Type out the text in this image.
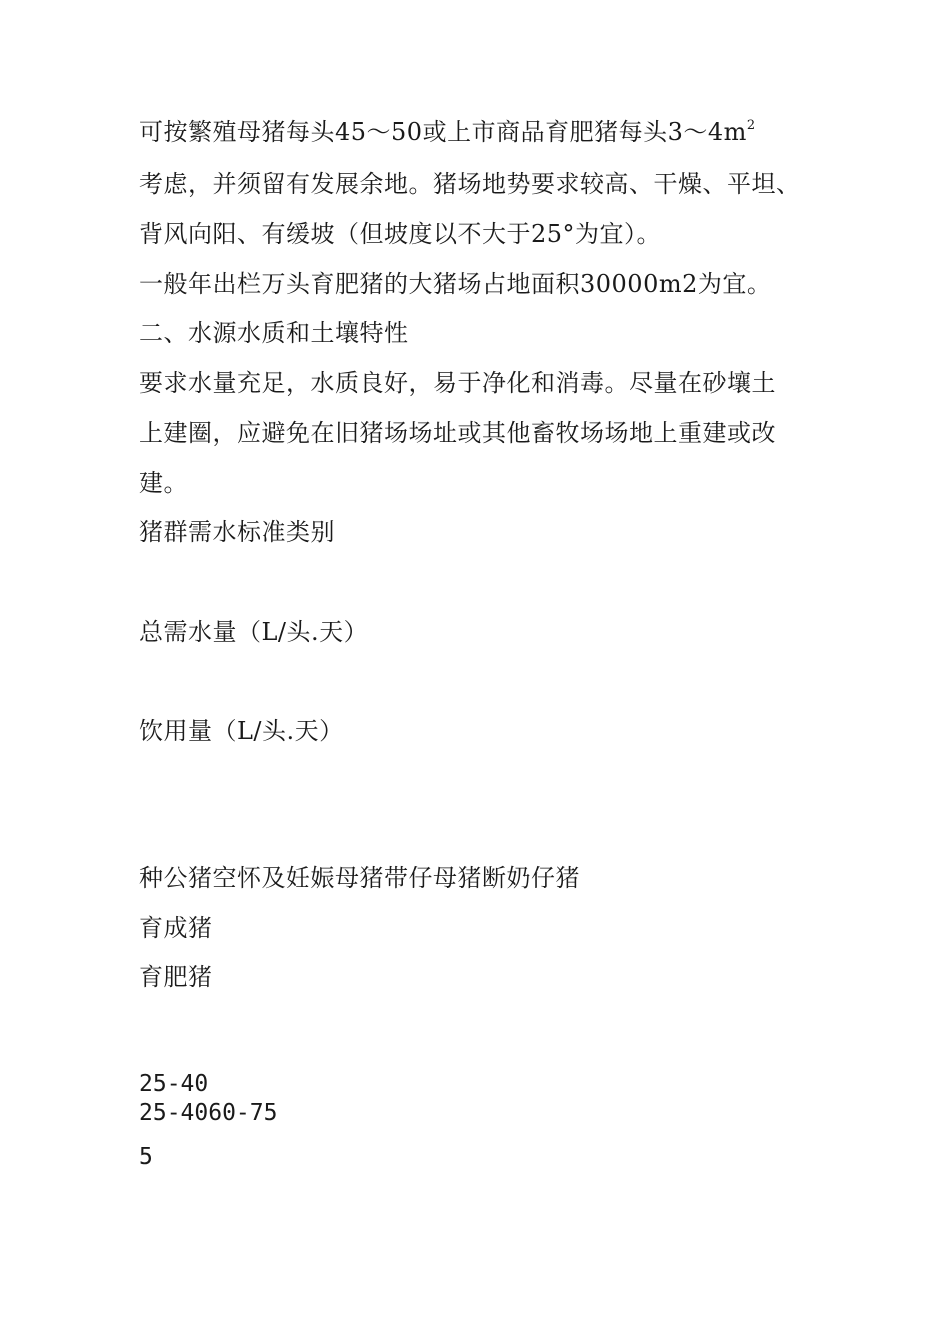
可按繁殖母猪每头45～50或上市商品育肥猪每头$3\sim 4m^2$
考虑，并须留有发展余地。猪场地势要求较高、干燥、平坦、
背风向阳、有缓坡（但坡度以不大于25°为宜）。
一般年出栏万头育肥猪的大猪场占地面积30000m2为宜。
二、水源水质和土壤特性
要求水量充足，水质良好，易于净化和消毒。尽量在砂壤土
上建圈，应避免在旧猪场场址或其他畜牧场场地上重建或改
建。
猪群需水标准类别
总需水量（L/头.天）
饮用量（L/头.天）
种公猪空怀及妊娠母猪带仔母猪断奶仔猪
育成猪
育肥猪
25-40
25-4060-75
5
